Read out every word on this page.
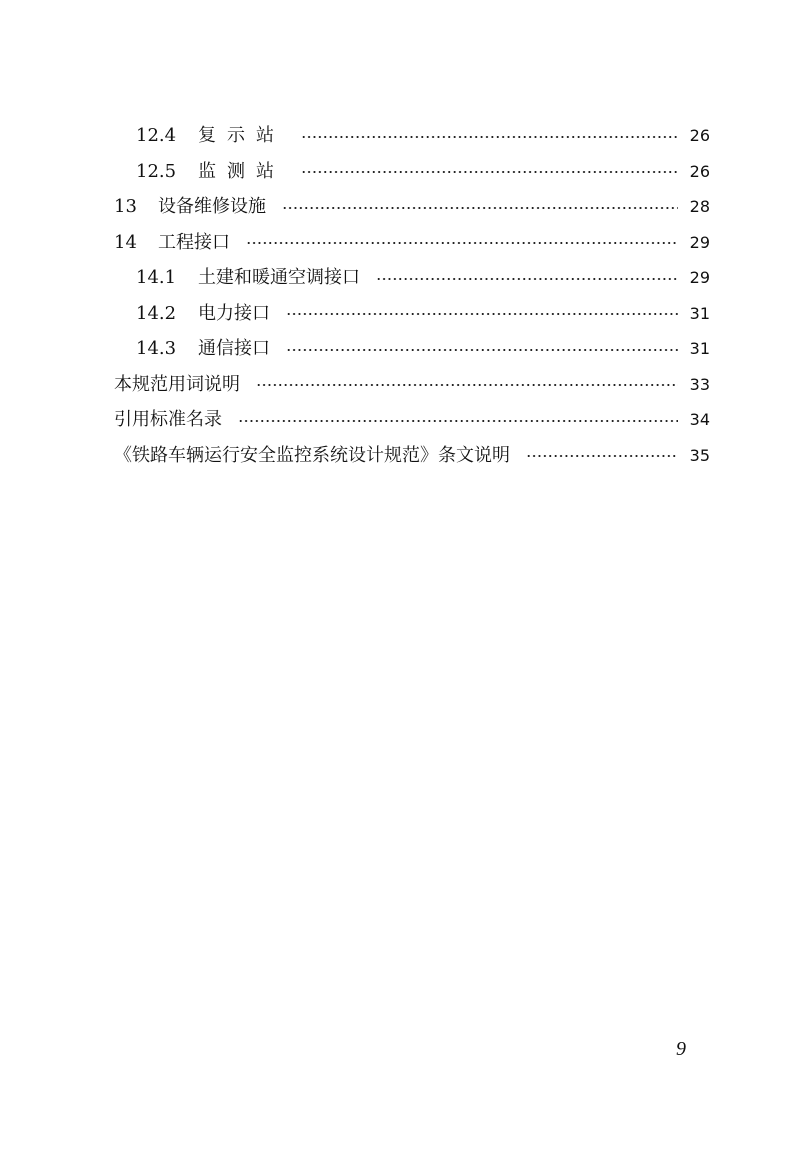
12.4 复示站	26
12.5 监测站	26
13 设备维修设施	28
14 工程接口	29
14.1 土建和暖通空调接口	29
14.2 电力接口	31
14.3 通信接口	31
本规范用词说明	33
引用标准名录	34
《铁路车辆运行安全监控系统设计规范》条文说明	35
9
